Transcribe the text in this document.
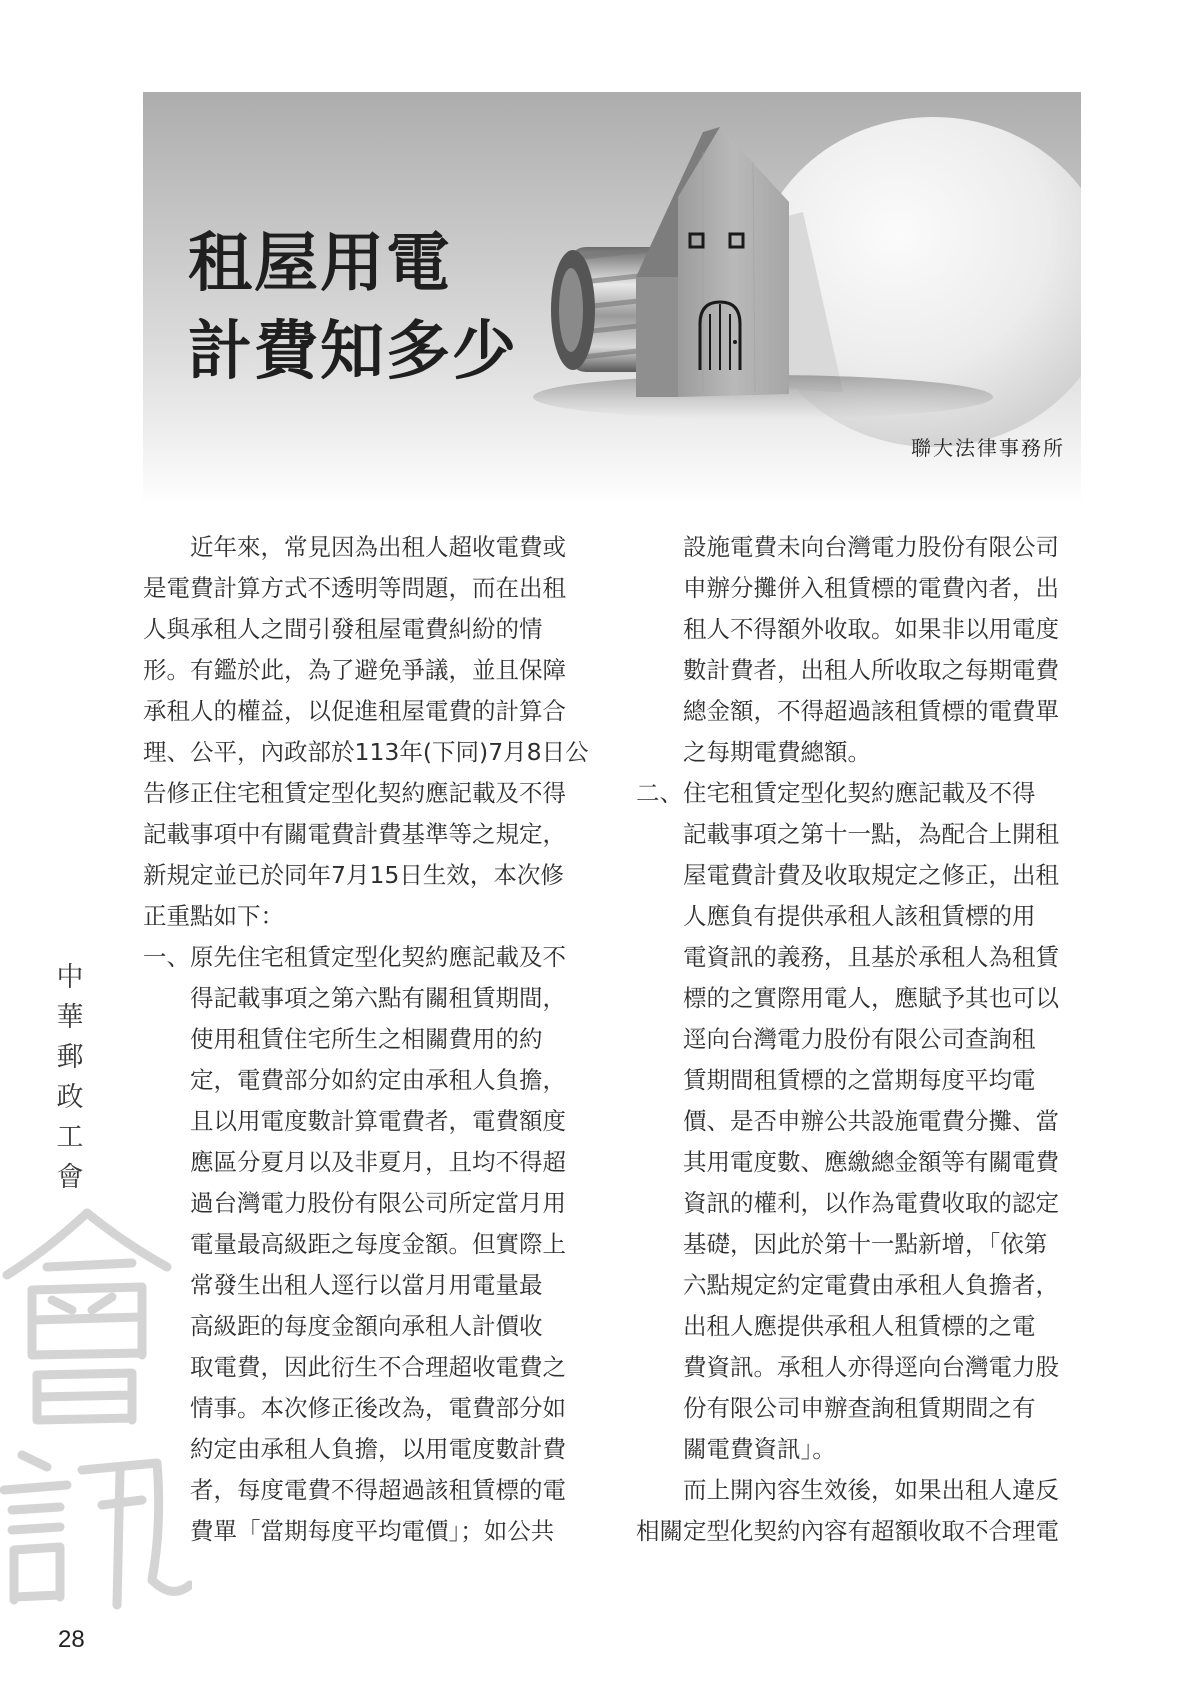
租屋用電
計費知多少
聯大法律事務所
中
華
郵
政
工
會
28
近年來，常見因為出租人超收電費或
是電費計算方式不透明等問題，而在出租
人與承租人之間引發租屋電費糾紛的情
形。有鑑於此，為了避免爭議，並且保障
承租人的權益，以促進租屋電費的計算合
理、公平，內政部於113年(下同)7月8日公
告修正住宅租賃定型化契約應記載及不得
記載事項中有關電費計費基準等之規定，
新規定並已於同年7月15日生效，本次修
正重點如下：
一、原先住宅租賃定型化契約應記載及不
得記載事項之第六點有關租賃期間，
使用租賃住宅所生之相關費用的約
定，電費部分如約定由承租人負擔，
且以用電度數計算電費者，電費額度
應區分夏月以及非夏月，且均不得超
過台灣電力股份有限公司所定當月用
電量最高級距之每度金額。但實際上
常發生出租人逕行以當月用電量最
高級距的每度金額向承租人計價收
取電費，因此衍生不合理超收電費之
情事。本次修正後改為，電費部分如
約定由承租人負擔，以用電度數計費
者，每度電費不得超過該租賃標的電
費單「當期每度平均電價」；如公共
設施電費未向台灣電力股份有限公司
申辦分攤併入租賃標的電費內者，出
租人不得額外收取。如果非以用電度
數計費者，出租人所收取之每期電費
總金額，不得超過該租賃標的電費單
之每期電費總額。
二、住宅租賃定型化契約應記載及不得
記載事項之第十一點，為配合上開租
屋電費計費及收取規定之修正，出租
人應負有提供承租人該租賃標的用
電資訊的義務，且基於承租人為租賃
標的之實際用電人，應賦予其也可以
逕向台灣電力股份有限公司查詢租
賃期間租賃標的之當期每度平均電
價、是否申辦公共設施電費分攤、當
其用電度數、應繳總金額等有關電費
資訊的權利，以作為電費收取的認定
基礎，因此於第十一點新增，「依第
六點規定約定電費由承租人負擔者，
出租人應提供承租人租賃標的之電
費資訊。承租人亦得逕向台灣電力股
份有限公司申辦查詢租賃期間之有
關電費資訊」。
而上開內容生效後，如果出租人違反
相關定型化契約內容有超額收取不合理電
